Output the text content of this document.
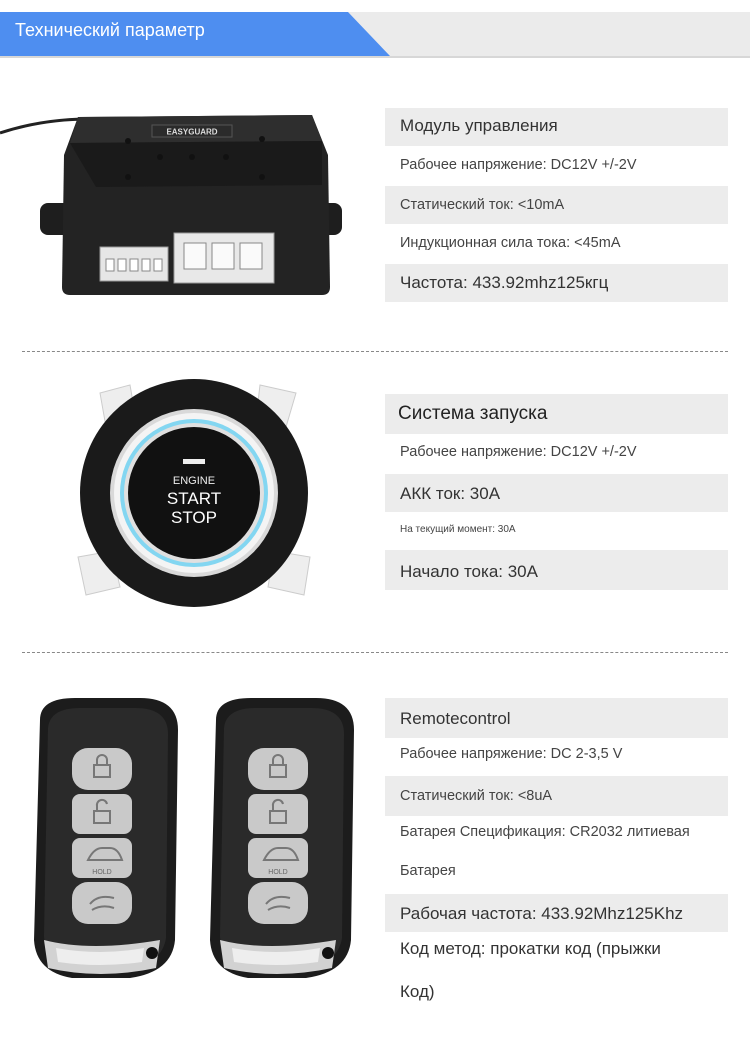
Технический параметр
EASYGUARD	Модуль управления
Рабочее напряжение: DC12V +/-2V
Статический ток: <10mA
Индукционная сила тока: <45mA
Частота: 433.92mhz125кгц
ENGINE
START
STOP
Система запуска
Рабочее напряжение: DC12V +/-2V
АКК ток: 30А
На текущий момент: 30А
Начало тока: 30А
HOLD	HOLD
Remotecontrol
Рабочее напряжение: DC 2-3,5 V
Статический ток: <8uA
Батарея Спецификация: CR2032 литиевая
Батарея
Рабочая частота: 433.92Mhz125Khz
Код метод: прокатки код (прыжки
Код)
